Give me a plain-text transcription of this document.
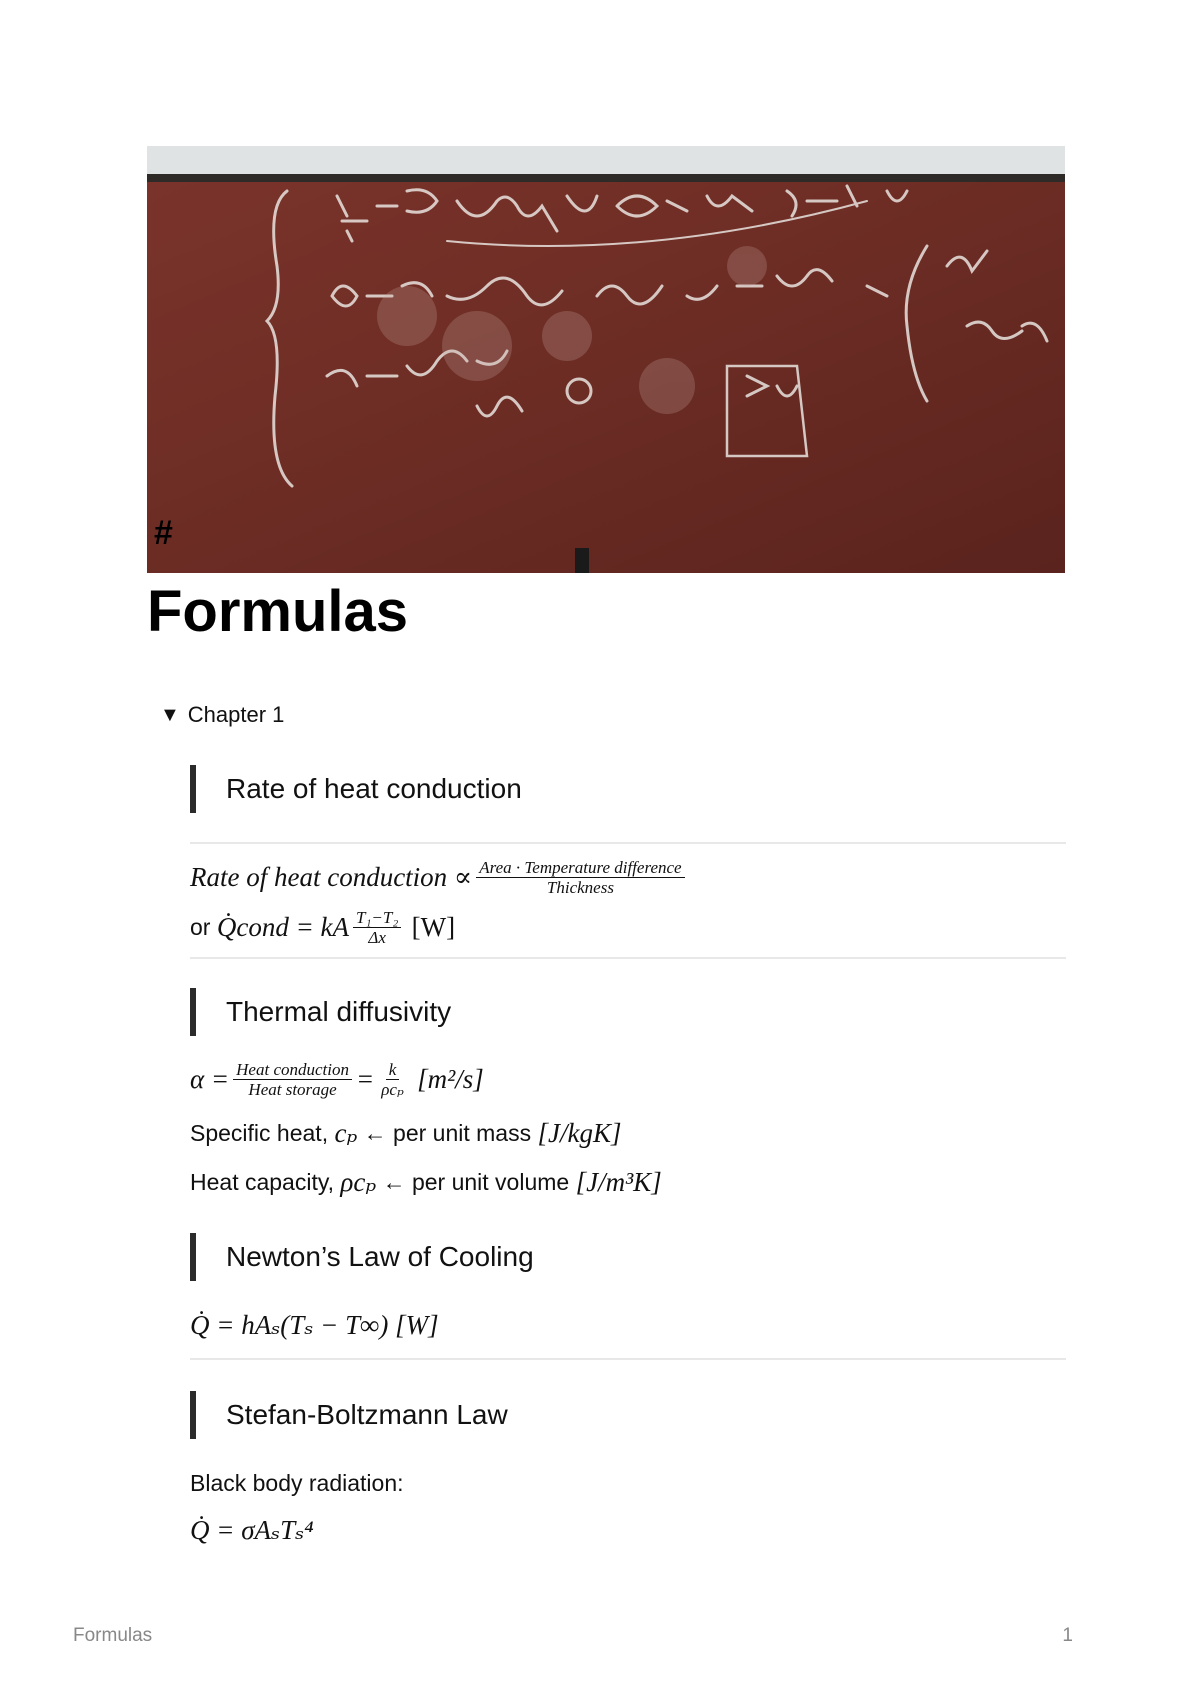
#
Formulas
▼ Chapter 1
Rate of heat conduction
Rate of heat conduction ∝ $\frac{\text{Area · Temperature difference}}{\text{Thickness}}$
or
Q̇cond = kA $\frac{\text{T₁−T₂}}{\Delta x}$
[W]
Thermal diffusivity
$\alpha = \frac{\text{Heat conduction}}{\text{Heat storage}} = \frac{k}{\text{ρcₚ}}$
[m²/s]
Specific heat,
cₚ
←
per unit mass
[J/kgK]
Heat capacity,
ρcₚ
←
per unit volume
[J/m³K]
Newton’s Law of Cooling
Q̇ = hAₛ(Tₛ − T∞) [W]
Stefan-Boltzmann Law
Black body radiation:
Q̇ = σAₛTₛ⁴
Formulas	1
